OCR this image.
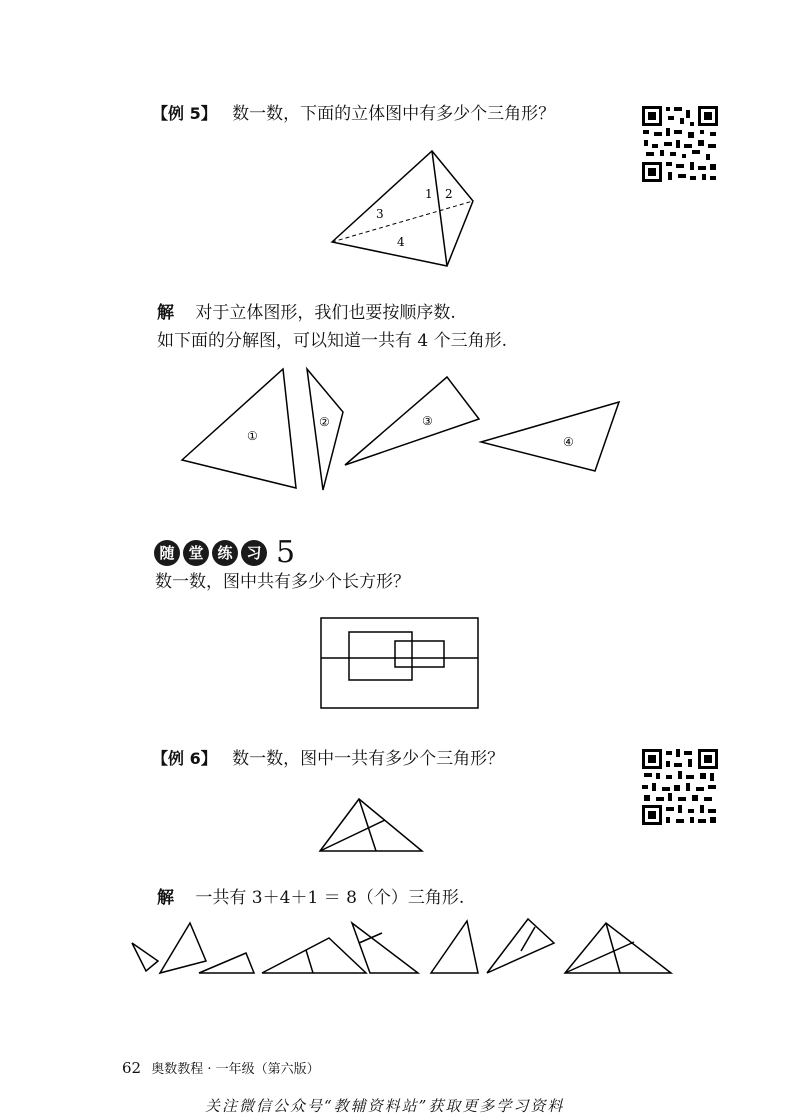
【例 5】 数一数，下面的立体图中有多少个三角形？
1 2
3
4
解 对于立体图形，我们也要按顺序数.
如下面的分解图，可以知道一共有 4 个三角形.
①
②	③
④
随 堂 练 习 5
数一数，图中共有多少个长方形？
【例 6】 数一数，图中一共有多少个三角形？
解 一共有 3＋4＋1 ＝ 8（个）三角形.
62 奥数教程 · 一年级（第六版）
关注微信公众号“教辅资料站”获取更多学习资料
